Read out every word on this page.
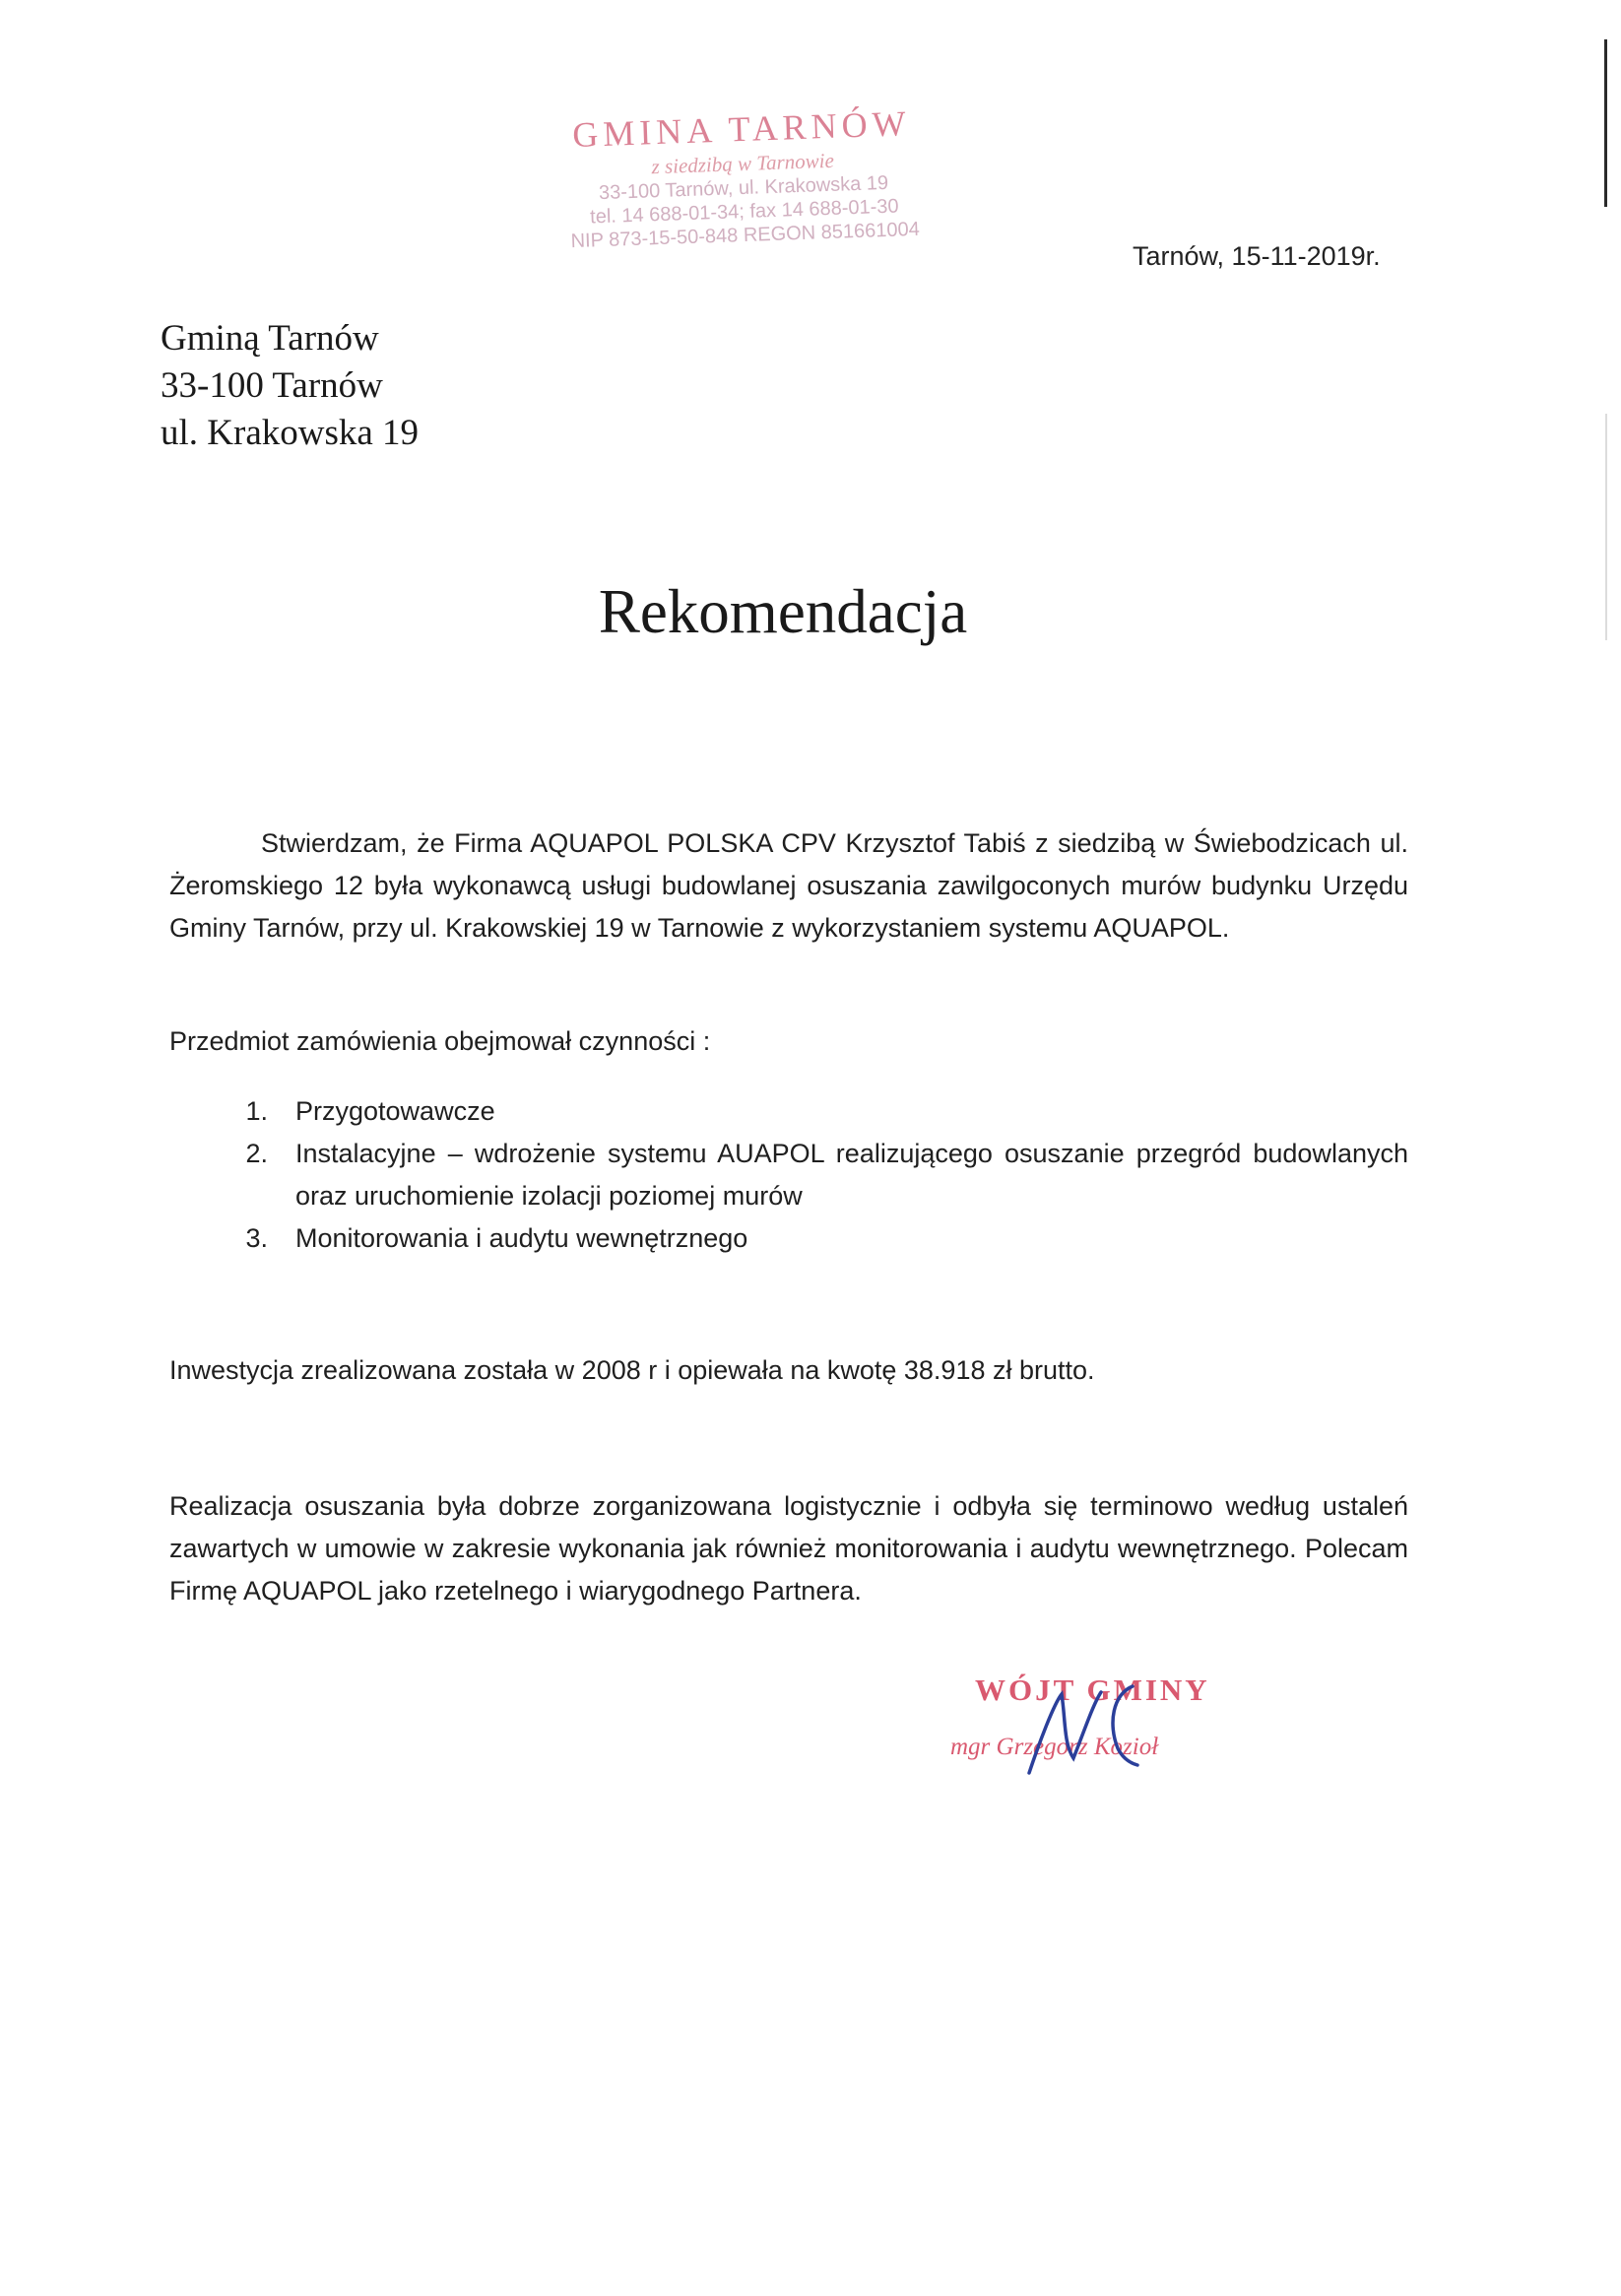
GMINA TARNÓW
z siedzibą w Tarnowie
33-100 Tarnów, ul. Krakowska 19
tel. 14 688-01-34; fax 14 688-01-30
NIP 873-15-50-848 REGON 851661004
Tarnów, 15-11-2019r.
Gminą Tarnów
33-100 Tarnów
ul. Krakowska 19
Rekomendacja

Stwierdzam, że Firma AQUAPOL POLSKA CPV Krzysztof Tabiś z siedzibą w Świebodzicach ul. Żeromskiego 12 była wykonawcą usługi budowlanej osuszania zawilgoconych murów budynku Urzędu Gminy Tarnów, przy ul. Krakowskiej 19 w Tarnowie z wykorzystaniem systemu AQUAPOL.

Przedmiot zamówienia obejmował czynności :

1.	Przygotowawcze
2.	Instalacyjne – wdrożenie systemu AUAPOL realizującego osuszanie przegród budowlanych oraz uruchomienie izolacji poziomej murów
3.	Monitorowania i audytu wewnętrznego

Inwestycja zrealizowana została w 2008 r i opiewała na kwotę 38.918 zł brutto.

Realizacja osuszania była dobrze zorganizowana logistycznie i odbyła się terminowo według ustaleń zawartych w umowie w zakresie wykonania jak również monitorowania i audytu wewnętrznego. Polecam Firmę AQUAPOL jako rzetelnego i wiarygodnego Partnera.

WÓJT GMINY
mgr Grzegorz Kozioł
